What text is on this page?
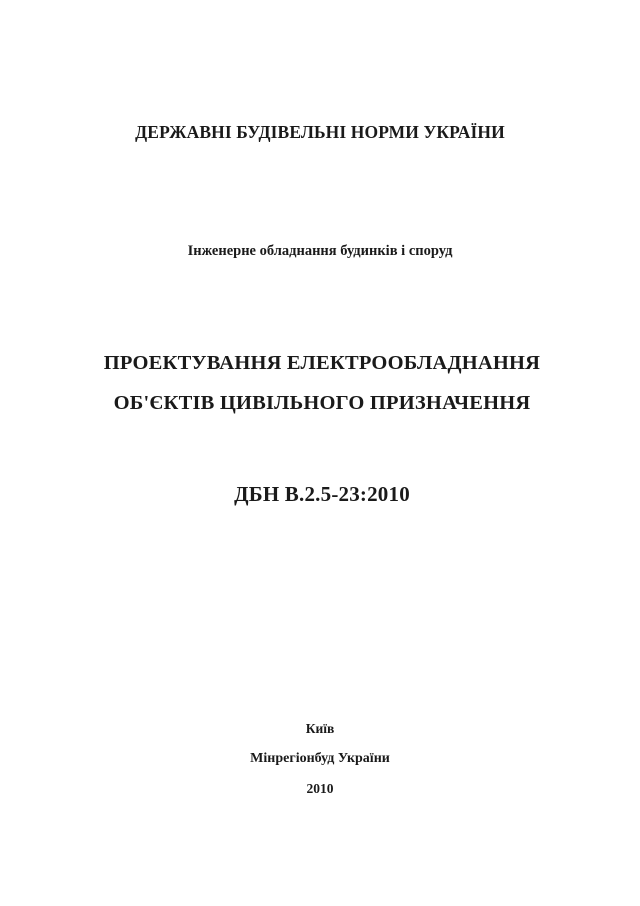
ДЕРЖАВНІ БУДІВЕЛЬНІ НОРМИ УКРАЇНИ
Інженерне обладнання будинків і споруд
ПРОЕКТУВАННЯ ЕЛЕКТРООБЛАДНАННЯ
ОБ'ЄКТІВ ЦИВІЛЬНОГО ПРИЗНАЧЕННЯ
ДБН В.2.5-23:2010
Київ
Мінрегіонбуд України
2010
